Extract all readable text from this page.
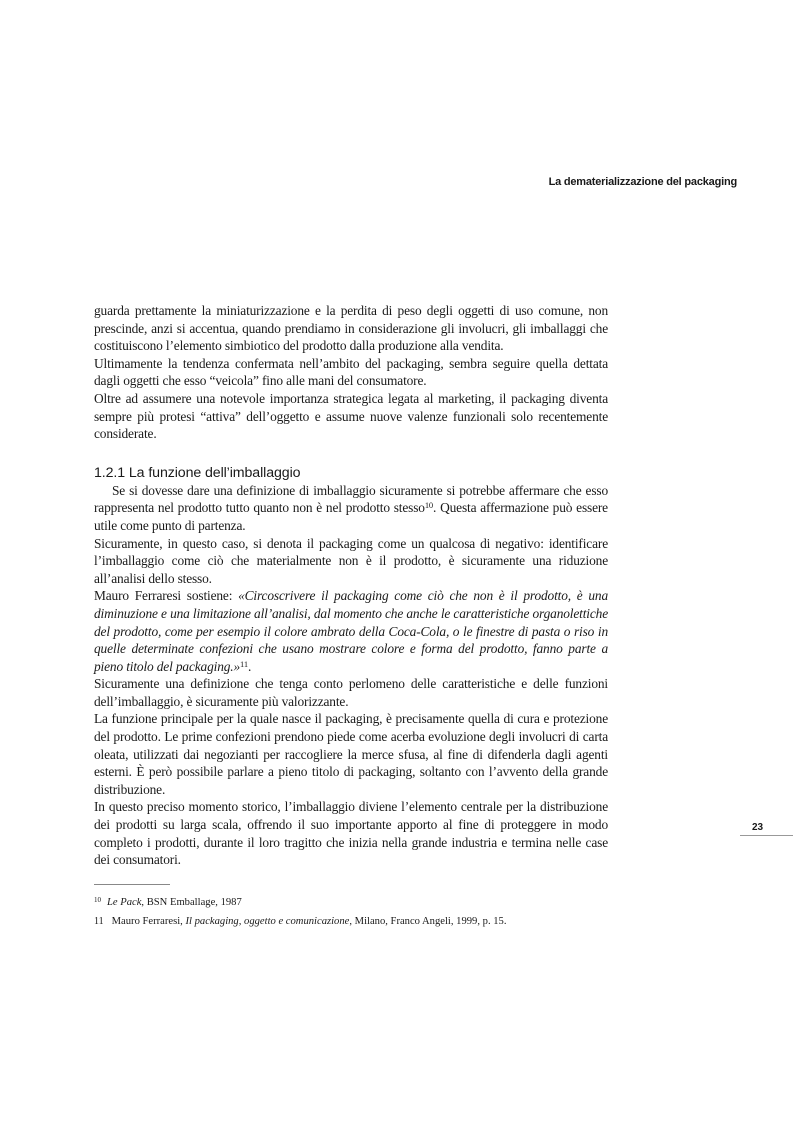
La dematerializzazione del packaging

guarda prettamente la miniaturizzazione e la perdita di peso degli oggetti di uso comune, non prescinde, anzi si accentua, quando prendiamo in considerazione gli involucri, gli imballaggi che costituiscono l’elemento simbiotico del prodotto dalla produzione alla vendita.

Ultimamente la tendenza confermata nell’ambito del packaging, sembra seguire quella dettata dagli oggetti che esso “veicola” fino alle mani del consumatore.

Oltre ad assumere una notevole importanza strategica legata al marketing, il packaging diventa sempre più protesi “attiva” dell’oggetto e assume nuove valenze funzionali solo recentemente considerate.

1.2.1 La funzione dell’imballaggio

Se si dovesse dare una definizione di imballaggio sicuramente si potrebbe affermare che esso rappresenta nel prodotto tutto quanto non è nel prodotto stesso$^{10}$. Questa affermazione può essere utile come punto di partenza.

Sicuramente, in questo caso, si denota il packaging come un qualcosa di negativo: identificare l’imballaggio come ciò che materialmente non è il prodotto, è sicuramente una riduzione all’analisi dello stesso.

Mauro Ferraresi sostiene: «Circoscrivere il packaging come ciò che non è il prodotto, è una diminuzione e una limitazione all’analisi, dal momento che anche le caratteristiche organolettiche del prodotto, come per esempio il colore ambrato della Coca-Cola, o le finestre di pasta o riso in quelle determinate confezioni che usano mostrare colore e forma del prodotto, fanno parte a pieno titolo del packaging.»$^{11}$.

Sicuramente una definizione che tenga conto perlomeno delle caratteristiche e delle funzioni dell’imballaggio, è sicuramente più valorizzante.

La funzione principale per la quale nasce il packaging, è precisamente quella di cura e protezione del prodotto. Le prime confezioni prendono piede come acerba evoluzione degli involucri di carta oleata, utilizzati dai negozianti per raccogliere la merce sfusa, al fine di difenderla dagli agenti esterni. È però possibile parlare a pieno titolo di packaging, soltanto con l’avvento della grande distribuzione.

In questo preciso momento storico, l’imballaggio diviene l’elemento centrale per la distribuzione dei prodotti su larga scala, offrendo il suo importante apporto al fine di proteggere in modo completo i prodotti, durante il loro tragitto che inizia nella grande industria e termina nelle case dei consumatori.

23

$^{10}$ Le Pack, BSN Emballage, 1987

11 Mauro Ferraresi, Il packaging, oggetto e comunicazione, Milano, Franco Angeli, 1999, p. 15.
